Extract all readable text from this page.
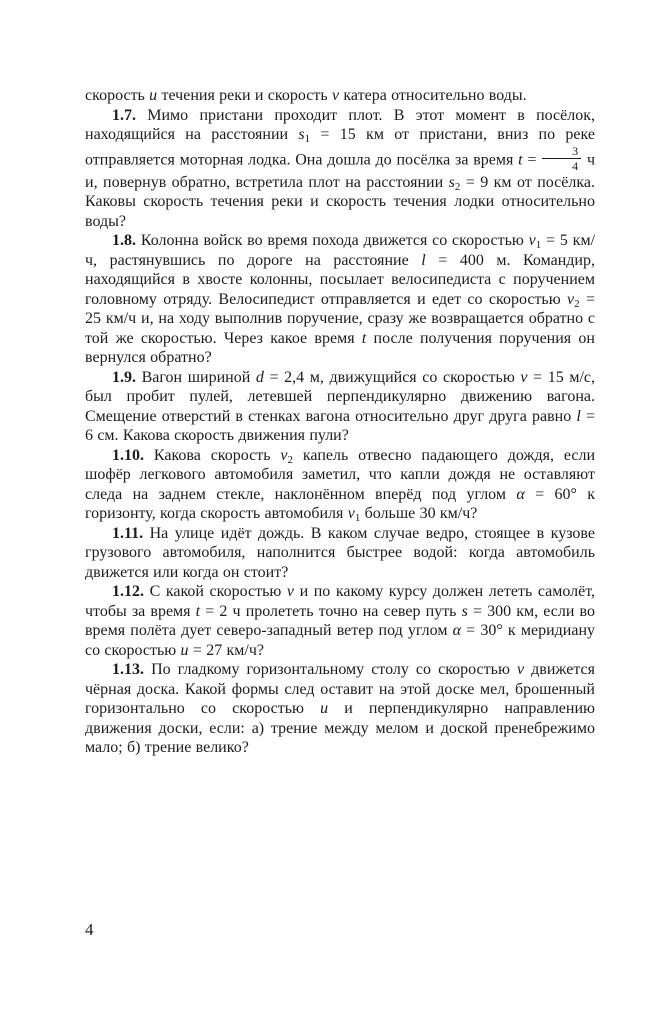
скорость u течения реки и скорость v катера относительно воды.

1.7. Мимо пристани проходит плот. В этот момент в посёлок, находящийся на расстоянии $s_1 = 15$ км от пристани, вниз по реке отправляется моторная лодка. Она дошла до посёлка за время $t = \frac{3}{4}$ ч и, повернув обратно, встретила плот на расстоянии $s_2 = 9$ км от посёлка. Каковы скорость течения реки и скорость течения лодки относительно воды?

1.8. Колонна войск во время похода движется со скоростью $v_1 = 5$ км/ч, растянувшись по дороге на расстояние l = 400 м. Командир, находящийся в хвосте колонны, посылает велосипедиста с поручением головному отряду. Велосипедист отправляется и едет со скоростью $v_2 = 25$ км/ч и, на ходу выполнив поручение, сразу же возвращается обратно с той же скоростью. Через какое время t после получения поручения он вернулся обратно?

1.9. Вагон шириной d = 2,4 м, движущийся со скоростью v = 15 м/с, был пробит пулей, летевшей перпендикулярно движению вагона. Смещение отверстий в стенках вагона относительно друг друга равно l = 6 см. Какова скорость движения пули?

1.10. Какова скорость $v_2$ капель отвесно падающего дождя, если шофёр легкового автомобиля заметил, что капли дождя не оставляют следа на заднем стекле, наклонённом вперёд под углом α = 60° к горизонту, когда скорость автомобиля $v_1$ больше 30 км/ч?

1.11. На улице идёт дождь. В каком случае ведро, стоящее в кузове грузового автомобиля, наполнится быстрее водой: когда автомобиль движется или когда он стоит?

1.12. С какой скоростью v и по какому курсу должен лететь самолёт, чтобы за время t = 2 ч пролететь точно на север путь s = 300 км, если во время полёта дует северо-западный ветер под углом α = 30° к меридиану со скоростью u = 27 км/ч?

1.13. По гладкому горизонтальному столу со скоростью v движется чёрная доска. Какой формы след оставит на этой доске мел, брошенный горизонтально со скоростью u и перпендикулярно направлению движения доски, если: а) трение между мелом и доской пренебрежимо мало; б) трение велико?

4
